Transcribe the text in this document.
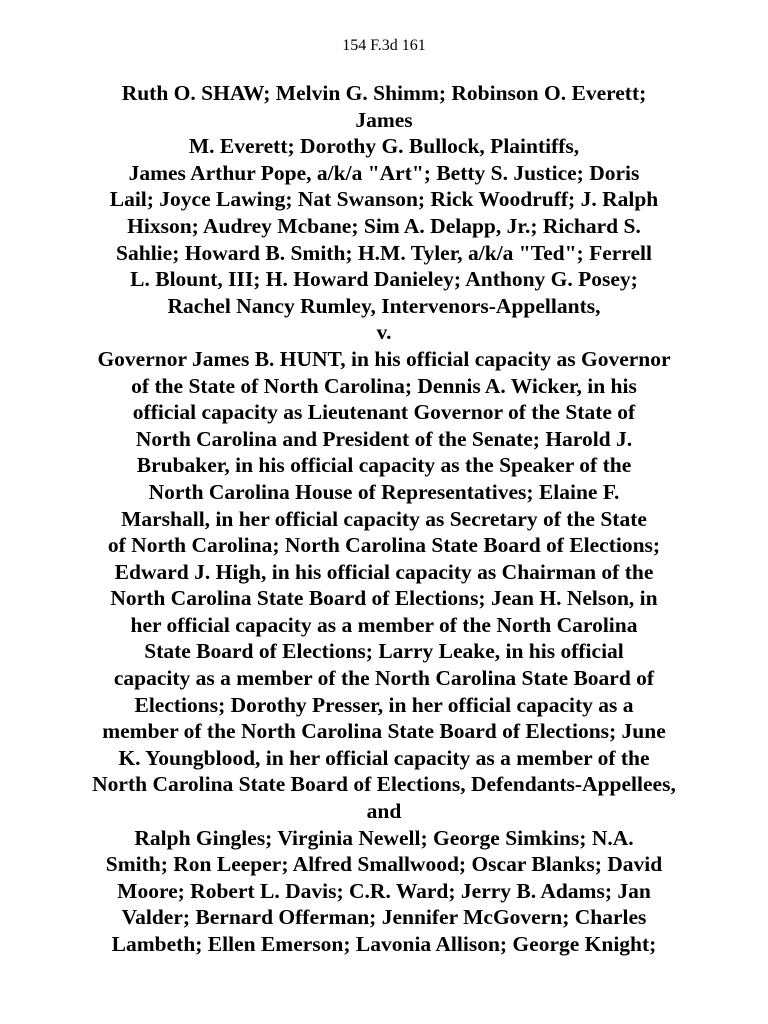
154 F.3d 161
Ruth O. SHAW; Melvin G. Shimm; Robinson O. Everett;
James
M. Everett; Dorothy G. Bullock, Plaintiffs,
James Arthur Pope, a/k/a "Art"; Betty S. Justice; Doris
Lail; Joyce Lawing; Nat Swanson; Rick Woodruff; J. Ralph
Hixson; Audrey Mcbane; Sim A. Delapp, Jr.; Richard S.
Sahlie; Howard B. Smith; H.M. Tyler, a/k/a "Ted"; Ferrell
L. Blount, III; H. Howard Danieley; Anthony G. Posey;
Rachel Nancy Rumley, Intervenors-Appellants,
v.
Governor James B. HUNT, in his official capacity as Governor
of the State of North Carolina; Dennis A. Wicker, in his
official capacity as Lieutenant Governor of the State of
North Carolina and President of the Senate; Harold J.
Brubaker, in his official capacity as the Speaker of the
North Carolina House of Representatives; Elaine F.
Marshall, in her official capacity as Secretary of the State
of North Carolina; North Carolina State Board of Elections;
Edward J. High, in his official capacity as Chairman of the
North Carolina State Board of Elections; Jean H. Nelson, in
her official capacity as a member of the North Carolina
State Board of Elections; Larry Leake, in his official
capacity as a member of the North Carolina State Board of
Elections; Dorothy Presser, in her official capacity as a
member of the North Carolina State Board of Elections; June
K. Youngblood, in her official capacity as a member of the
North Carolina State Board of Elections, Defendants-Appellees,
and
Ralph Gingles; Virginia Newell; George Simkins; N.A.
Smith; Ron Leeper; Alfred Smallwood; Oscar Blanks; David
Moore; Robert L. Davis; C.R. Ward; Jerry B. Adams; Jan
Valder; Bernard Offerman; Jennifer McGovern; Charles
Lambeth; Ellen Emerson; Lavonia Allison; George Knight;
